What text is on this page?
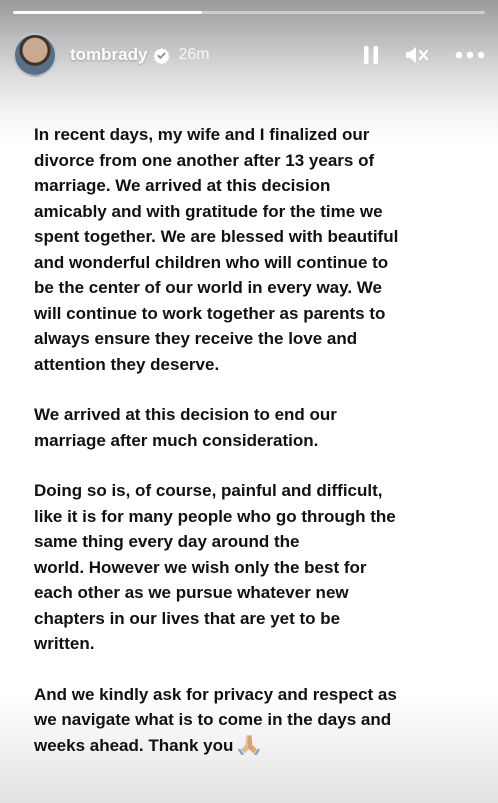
tombrady 26m

In recent days, my wife and I finalized our
divorce from one another after 13 years of
marriage. We arrived at this decision
amicably and with gratitude for the time we
spent together. We are blessed with beautiful
and wonderful children who will continue to
be the center of our world in every way. We
will continue to work together as parents to
always ensure they receive the love and
attention they deserve.

We arrived at this decision to end our
marriage after much consideration.

Doing so is, of course, painful and difficult,
like it is for many people who go through the
same thing every day around the
world. However we wish only the best for
each other as we pursue whatever new
chapters in our lives that are yet to be
written.

And we kindly ask for privacy and respect as
we navigate what is to come in the days and
weeks ahead. Thank you
